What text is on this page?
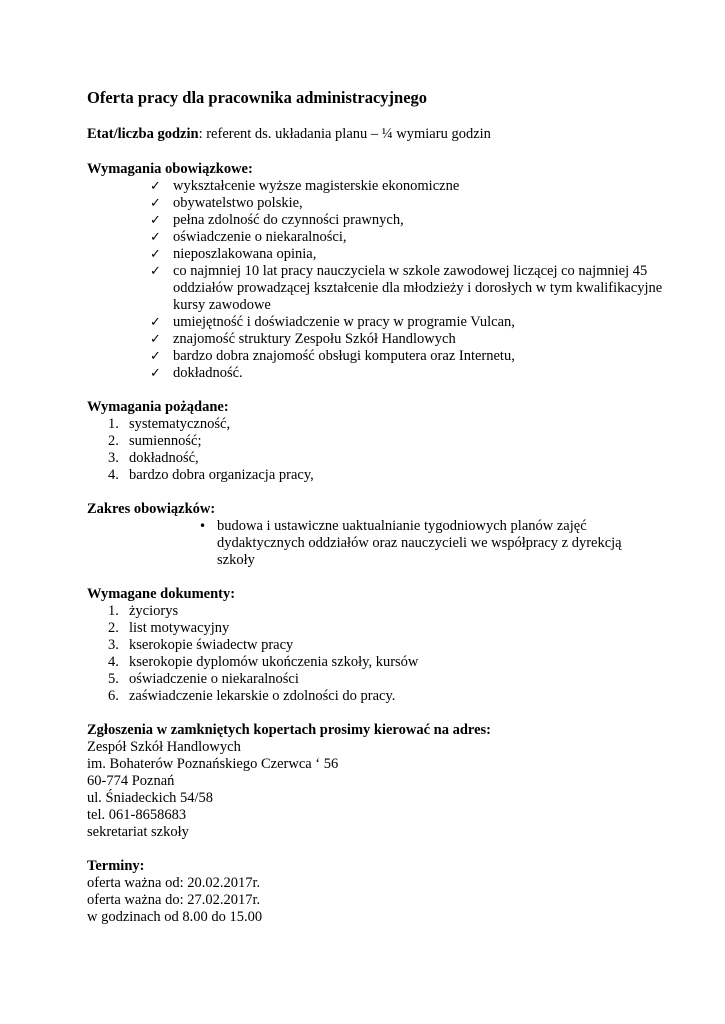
Oferta pracy dla pracownika administracyjnego
Etat/liczba godzin: referent ds. układania planu – ¼ wymiaru godzin
Wymagania obowiązkowe:
✓ wykształcenie wyższe magisterskie ekonomiczne
✓ obywatelstwo polskie,
✓ pełna zdolność do czynności prawnych,
✓ oświadczenie o niekaralności,
✓ nieposzlakowana opinia,
✓ co najmniej 10 lat pracy nauczyciela w szkole zawodowej liczącej co najmniej 45 oddziałów prowadzącej kształcenie dla młodzieży i dorosłych w tym kwalifikacyjne kursy zawodowe
✓ umiejętność i doświadczenie w pracy w programie Vulcan,
✓ znajomość struktury Zespołu Szkół Handlowych
✓ bardzo dobra znajomość obsługi komputera oraz Internetu,
✓ dokładność.
Wymagania pożądane:
1. systematyczność,
2. sumienność;
3. dokładność,
4. bardzo dobra organizacja pracy,
Zakres obowiązków:
• budowa i ustawiczne uaktualnianie tygodniowych planów zajęć dydaktycznych oddziałów oraz nauczycieli we współpracy z dyrekcją szkoły
Wymagane dokumenty:
1. życiorys
2. list motywacyjny
3. kserokopie świadectw pracy
4. kserokopie dyplomów ukończenia szkoły, kursów
5. oświadczenie o niekaralności
6. zaświadczenie lekarskie o zdolności do pracy.
Zgłoszenia w zamkniętych kopertach prosimy kierować na adres:
Zespół Szkół Handlowych
im. Bohaterów Poznańskiego Czerwca ‘ 56
60-774 Poznań
ul. Śniadeckich 54/58
tel. 061-8658683
sekretariat szkoły
Terminy:
oferta ważna od: 20.02.2017r.
oferta ważna do: 27.02.2017r.
w godzinach od 8.00 do 15.00
